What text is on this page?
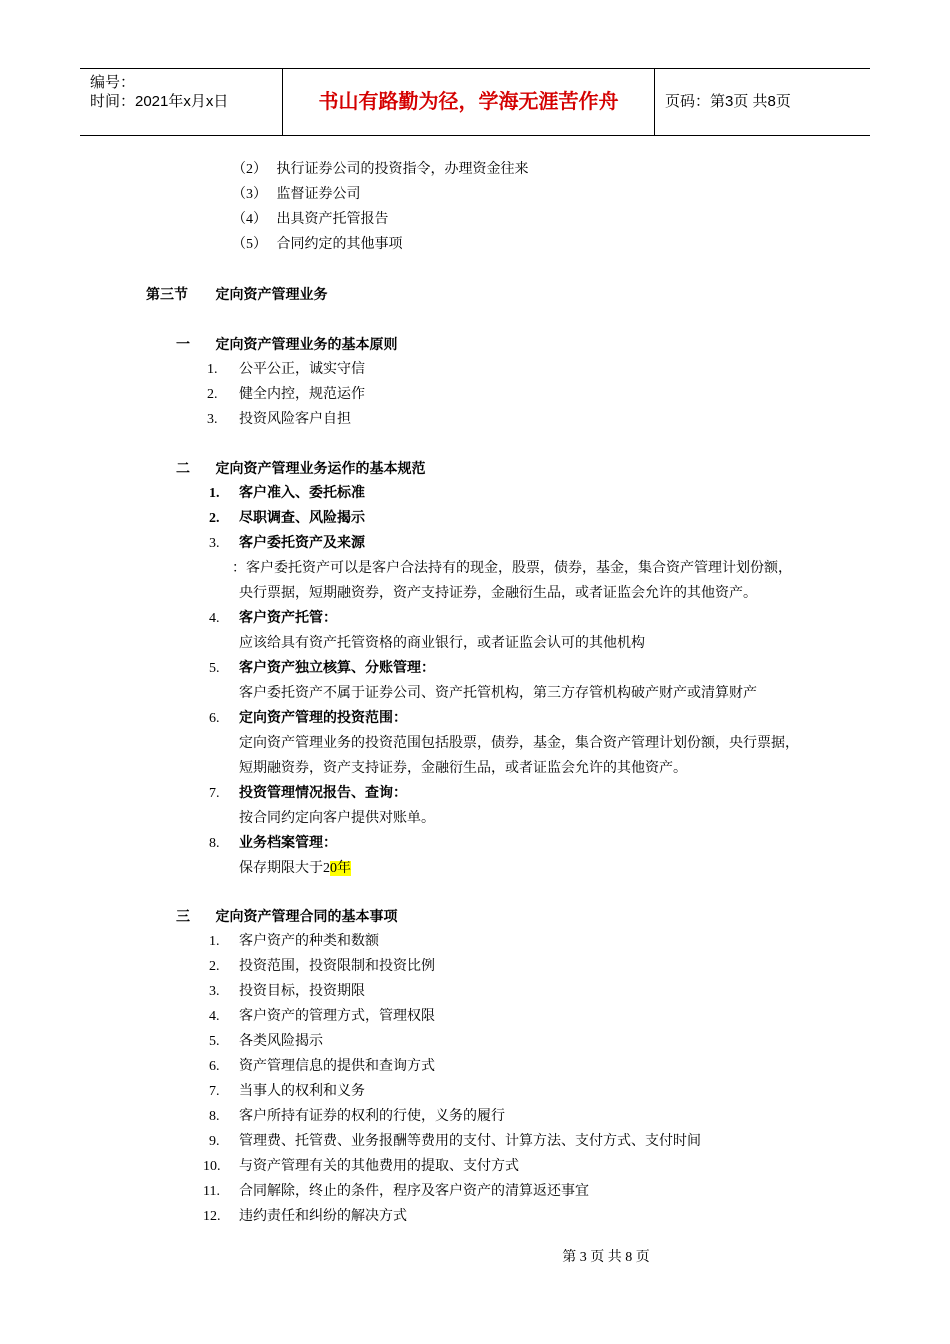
编号：
时间：2021年x月x日	书山有路勤为径，学海无涯苦作舟	页码：第3页 共8页
（2） 执行证券公司的投资指令，办理资金往来
（3） 监督证券公司
（4） 出具资产托管报告
（5） 合同约定的其他事项
第三节 定向资产管理业务
一 定向资产管理业务的基本原则
1. 公平公正，诚实守信
2. 健全内控，规范运作
3. 投资风险客户自担
二 定向资产管理业务运作的基本规范
1. 客户准入、委托标准
2. 尽职调查、风险揭示
3. 客户委托资产及来源
：客户委托资产可以是客户合法持有的现金，股票，债券，基金，集合资产管理计划份额，
央行票据，短期融资券，资产支持证券，金融衍生品，或者证监会允许的其他资产。
4. 客户资产托管：
应该给具有资产托管资格的商业银行，或者证监会认可的其他机构
5. 客户资产独立核算、分账管理：
客户委托资产不属于证券公司、资产托管机构，第三方存管机构破产财产或清算财产
6. 定向资产管理的投资范围：
定向资产管理业务的投资范围包括股票，债券，基金，集合资产管理计划份额，央行票据，
短期融资券，资产支持证券，金融衍生品，或者证监会允许的其他资产。
7. 投资管理情况报告、查询：
按合同约定向客户提供对账单。
8. 业务档案管理：
保存期限大于20年
三 定向资产管理合同的基本事项
1. 客户资产的种类和数额
2. 投资范围，投资限制和投资比例
3. 投资目标，投资期限
4. 客户资产的管理方式，管理权限
5. 各类风险揭示
6. 资产管理信息的提供和查询方式
7. 当事人的权利和义务
8. 客户所持有证券的权利的行使，义务的履行
9. 管理费、托管费、业务报酬等费用的支付、计算方法、支付方式、支付时间
10. 与资产管理有关的其他费用的提取、支付方式
11. 合同解除，终止的条件，程序及客户资产的清算返还事宜
12. 违约责任和纠纷的解决方式
第 3 页 共 8 页
